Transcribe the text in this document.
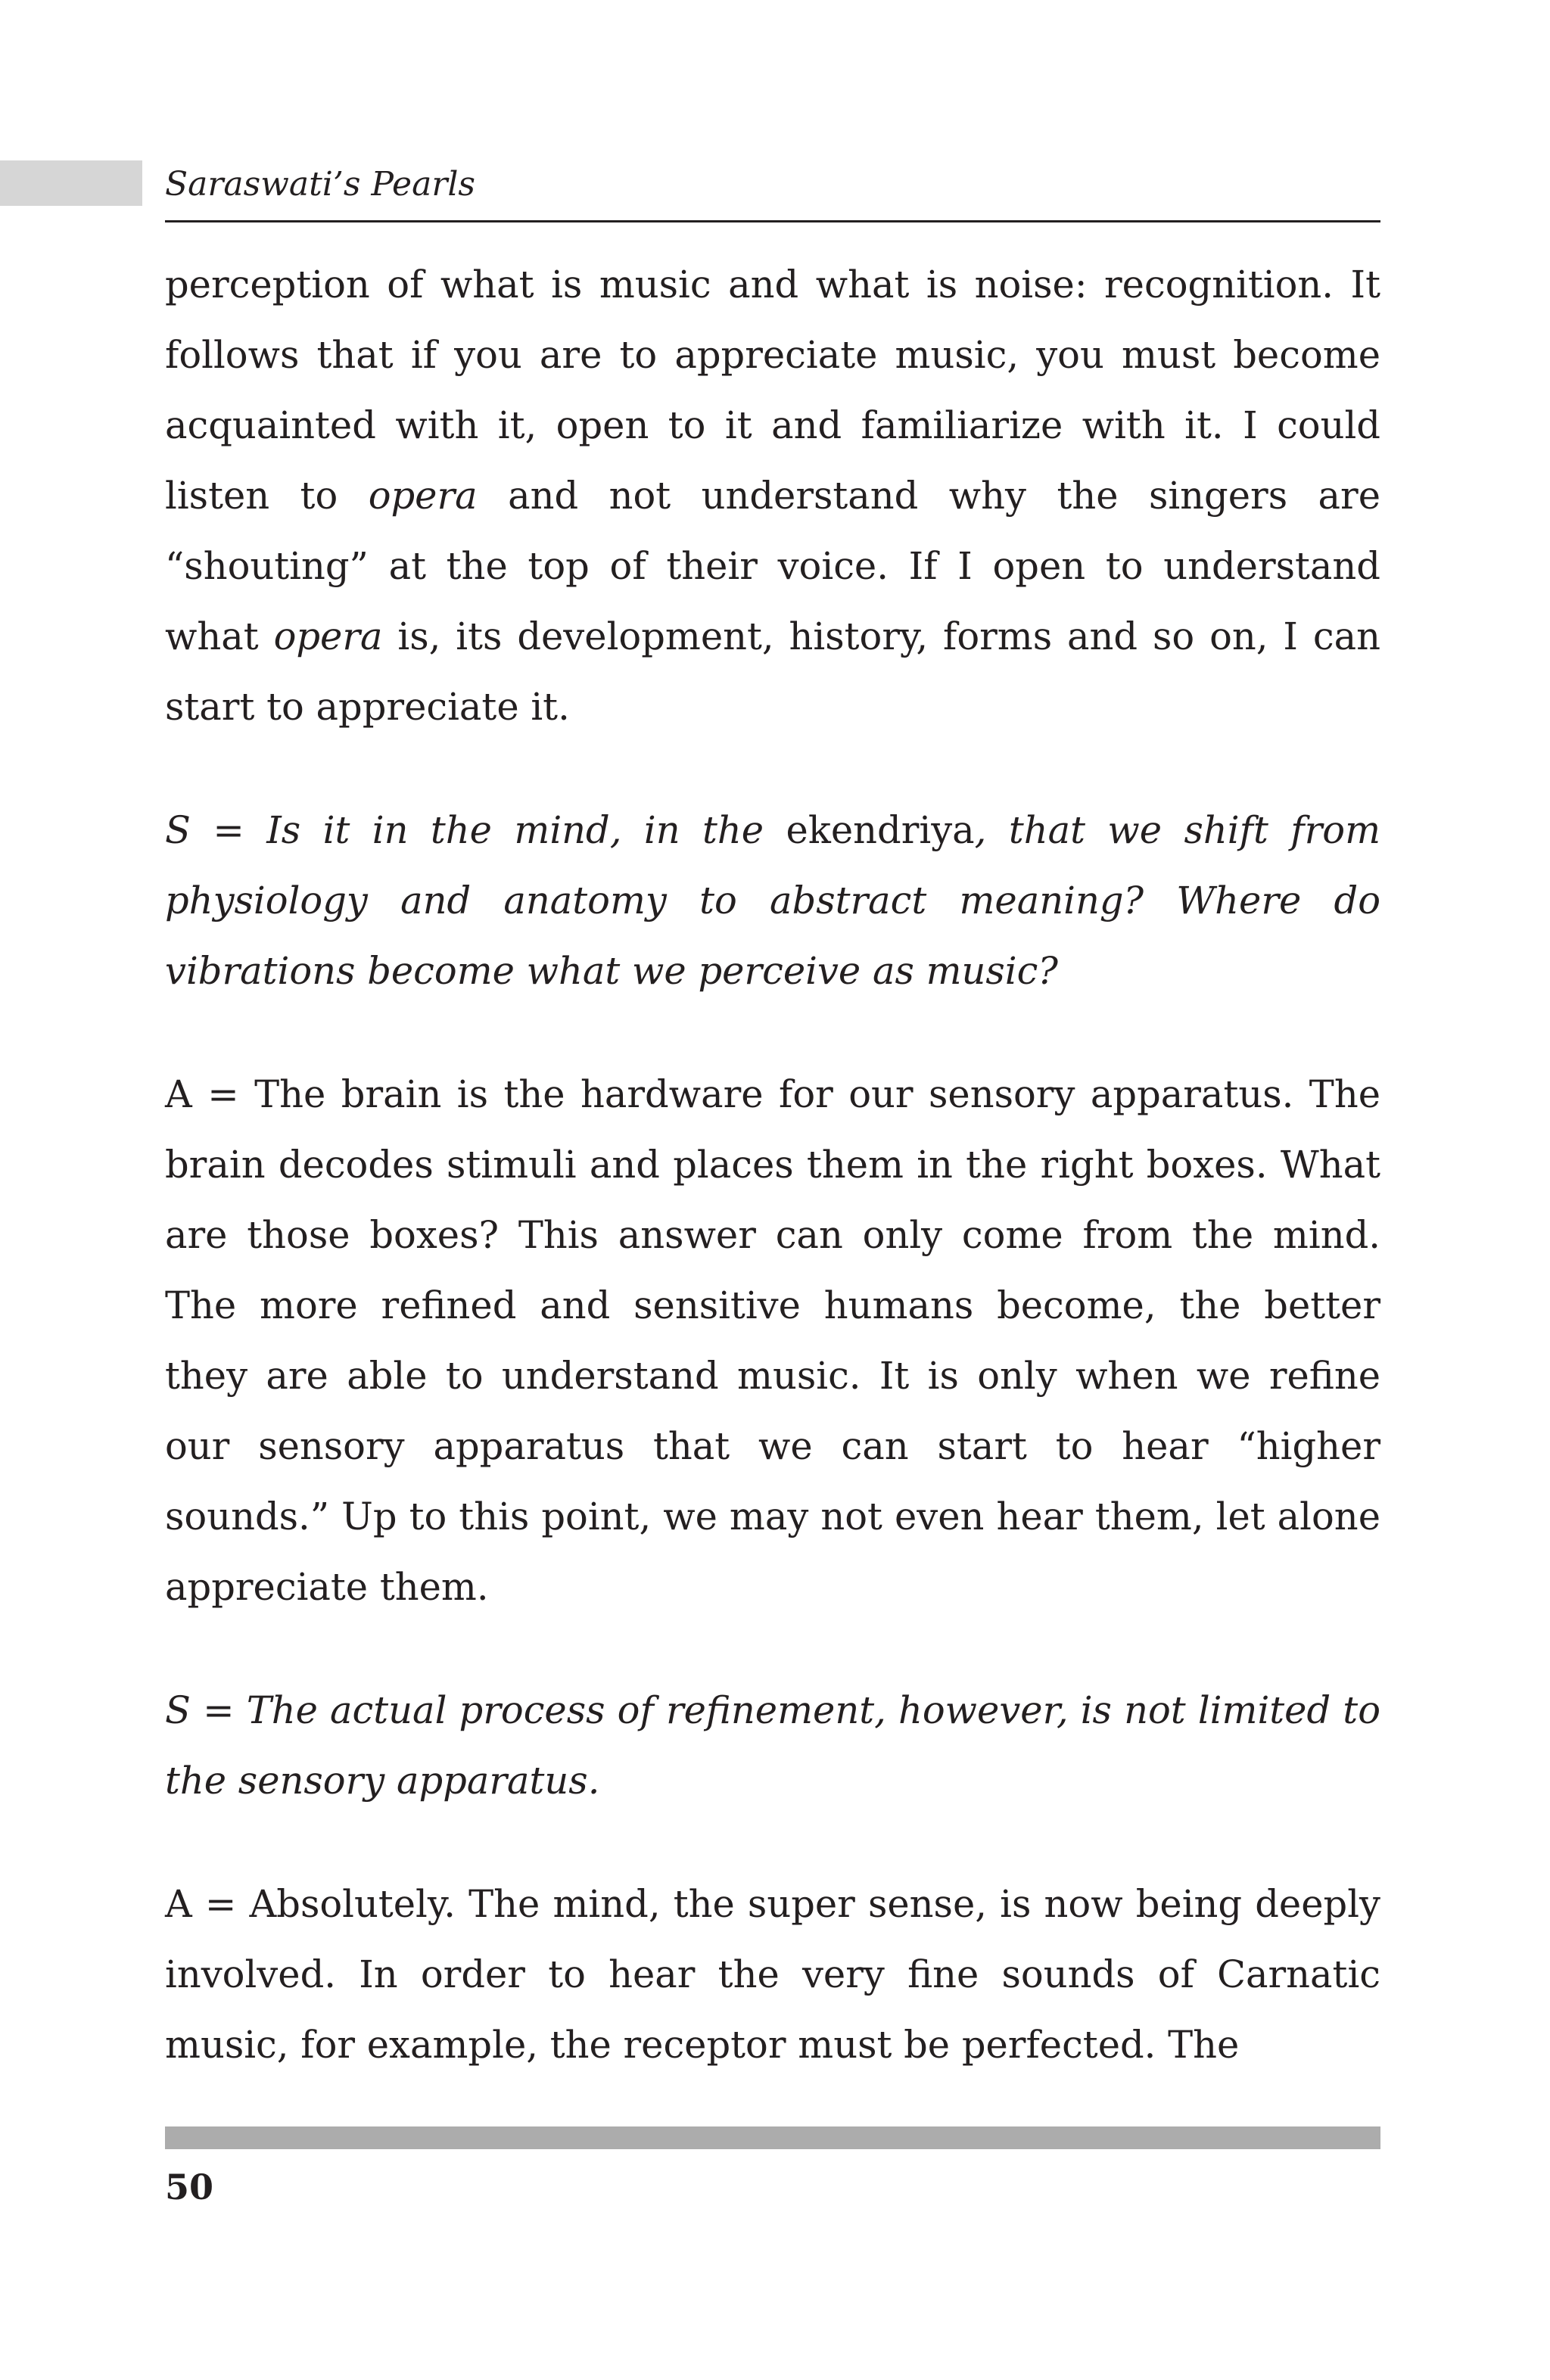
Saraswati’s Pearls

perception of what is music and what is noise: recognition. It follows that if you are to appreciate music, you must become acquainted with it, open to it and familiarize with it. I could listen to opera and not understand why the singers are “shouting” at the top of their voice. If I open to understand what opera is, its development, history, forms and so on, I can start to appreciate it.

S = Is it in the mind, in the ekendriya, that we shift from physiology and anatomy to abstract meaning? Where do vibrations become what we perceive as music?

A = The brain is the hardware for our sensory apparatus. The brain decodes stimuli and places them in the right boxes. What are those boxes? This answer can only come from the mind. The more refined and sensitive humans become, the better they are able to understand music. It is only when we refine our sensory apparatus that we can start to hear “higher sounds.” Up to this point, we may not even hear them, let alone appreciate them.

S = The actual process of refinement, however, is not limited to the sensory apparatus.

A = Absolutely. The mind, the super sense, is now being deeply involved. In order to hear the very fine sounds of Carnatic music, for example, the receptor must be perfected. The

50
